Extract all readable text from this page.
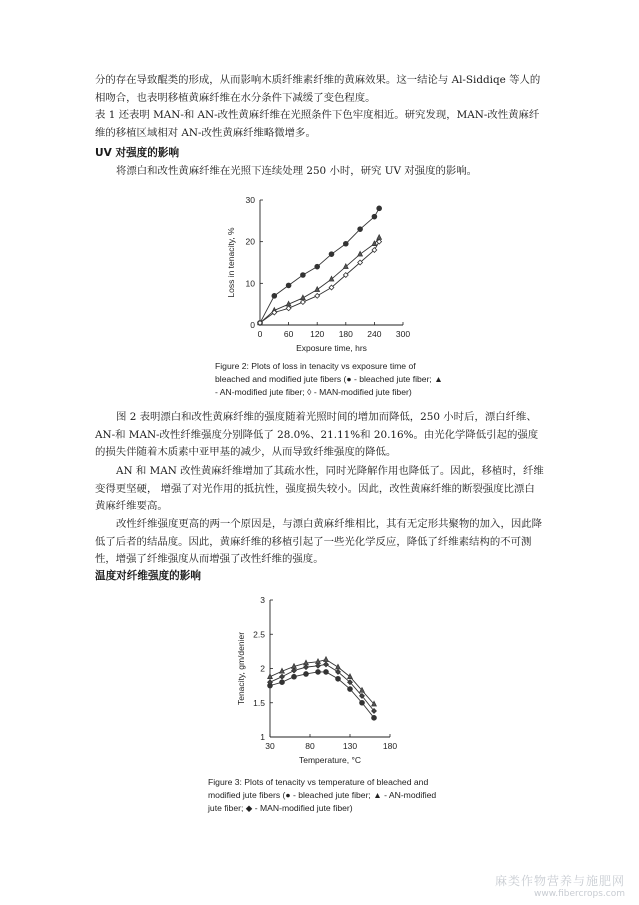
分的存在导致醌类的形成，从而影响木质纤维素纤维的黄麻效果。这一结论与 Al-Siddiqe 等人的相吻合，也表明移植黄麻纤维在水分条件下减缓了变色程度。

表 1 还表明 MAN-和 AN-改性黄麻纤维在光照条件下色牢度相近。研究发现，MAN-改性黄麻纤维的移植区域相对 AN-改性黄麻纤维略微增多。

UV 对强度的影响

将漂白和改性黄麻纤维在光照下连续处理 250 小时，研究 UV 对强度的影响。

0	60 120 180 240 300
0
10
20
30
Exposure time, hrs
Loss in tenacity, %

Figure 2: Plots of loss in tenacity vs exposure time of bleached and modified jute fibers (● - bleached jute fiber; ▲ - AN-modified jute fiber; ◊ - MAN-modified jute fiber)

图 2 表明漂白和改性黄麻纤维的强度随着光照时间的增加而降低，250 小时后，漂白纤维、AN-和 MAN-改性纤维强度分别降低了 28.0%、21.11%和 20.16%。由光化学降低引起的强度的损失伴随着木质素中亚甲基的减少，从而导致纤维强度的降低。

AN 和 MAN 改性黄麻纤维增加了其疏水性，同时光降解作用也降低了。因此，移植时，纤维变得更坚硬， 增强了对光作用的抵抗性，强度损失较小。因此，改性黄麻纤维的断裂强度比漂白黄麻纤维要高。

改性纤维强度更高的两一个原因是，与漂白黄麻纤维相比，其有无定形共聚物的加入，因此降低了后者的结晶度。因此，黄麻纤维的移植引起了一些光化学反应，降低了纤维素结构的不可测性，增强了纤维强度从而增强了改性纤维的强度。

温度对纤维强度的影响

30	80	130	180
1
1.5
2
2.5
3
Temperature, °C
Tenacity, gm/denier

Figure 3: Plots of tenacity vs temperature of bleached and modified jute fibers (● - bleached jute fiber; ▲ - AN-modified jute fiber; ◆ - MAN-modified jute fiber)

麻类作物营养与施肥网
www.fibercrops.com
